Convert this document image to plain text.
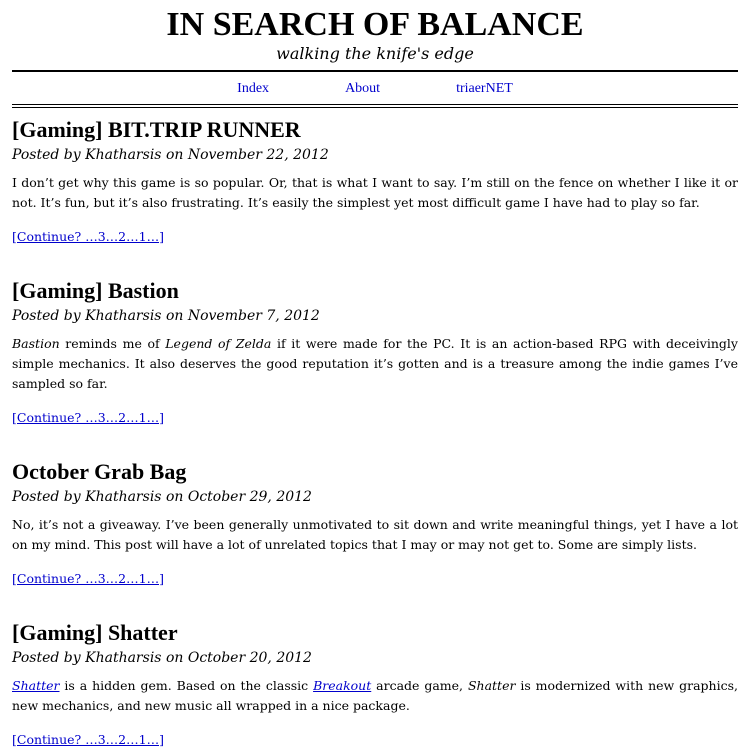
IN SEARCH OF BALANCE

walking the knife's edge

Index	About	triaerNET
[Gaming] BIT.TRIP RUNNER

Posted by Khatharsis on November 22, 2012

I don’t get why this game is so popular. Or, that is what I want to say. I’m still on the fence on whether I like it or not. It’s fun, but it’s also frustrating. It’s easily the simplest yet most difficult game I have had to play so far.

[Continue? …3…2…1…]
[Gaming] Bastion

Posted by Khatharsis on November 7, 2012

Bastion reminds me of Legend of Zelda if it were made for the PC. It is an action-based RPG with deceivingly simple mechanics. It also deserves the good reputation it’s gotten and is a treasure among the indie games I’ve sampled so far.

[Continue? …3…2…1…]
October Grab Bag

Posted by Khatharsis on October 29, 2012

No, it’s not a giveaway. I’ve been generally unmotivated to sit down and write meaningful things, yet I have a lot on my mind. This post will have a lot of unrelated topics that I may or may not get to. Some are simply lists.

[Continue? …3…2…1…]
[Gaming] Shatter

Posted by Khatharsis on October 20, 2012

Shatter is a hidden gem. Based on the classic Breakout arcade game, Shatter is modernized with new graphics, new mechanics, and new music all wrapped in a nice package.

[Continue? …3…2…1…]
